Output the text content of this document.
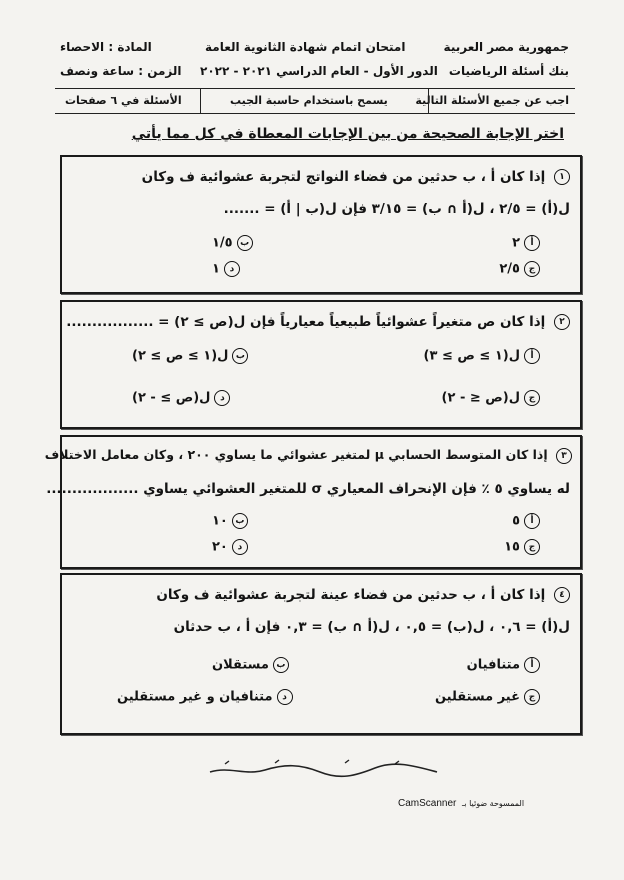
جمهورية مصر العربية
بنك أسئلة الرياضيات
امتحان اتمام شهادة الثانوية العامة
الدور الأول - العام الدراسي ٢٠٢١ - ٢٠٢٢
المادة : الاحصاء
الزمن : ساعة ونصف
اجب عن جميع الأسئلة التالية
يسمح باستخدام حاسبة الجيب
الأسئلة في ٦ صفحات
اختر الإجابة الصحيحة من بين الإجابات المعطاة في كل مما يأتي
١ إذا كان أ ، ب حدثين من فضاء النواتج لتجربة عشوائية ف وكان
ل(أ) = ٢/٥ ، ل(أ ∩ ب) = ٣/١٥ فإن ل(ب | أ) = .......
أ٢
ب١/٥
ج٢/٥
د١
٢ إذا كان ص متغيراً عشوائياً طبيعياً معيارياً فإن ل(ص ≥ ٢) = .................
أل(١ ≥ ص ≥ ٣)
بل(١ ≥ ص ≥ ٢)
جل(ص ≤ - ٢)
دل(ص ≥ - ٢)
٣ إذا كان المتوسط الحسابي μ لمتغير عشوائي ما يساوي ٢٠٠ ، وكان معامل الاختلاف
له يساوي ٥ ٪ فإن الإنحراف المعياري σ للمتغير العشوائي يساوي ..................
أ٥
ب١٠
ج١٥
د٢٠
٤ إذا كان أ ، ب حدثين من فضاء عينة لتجربة عشوائية ف وكان
ل(أ) = ٠,٦ ، ل(ب) = ٠,٥ ، ل(أ ∩ ب) = ٠,٣ فإن أ ، ب حدثان
أمتنافيان
بمستقلان
جغير مستقلين
دمتنافيان و غير مستقلين
CamScanner الممسوحة ضوئيا بـ
